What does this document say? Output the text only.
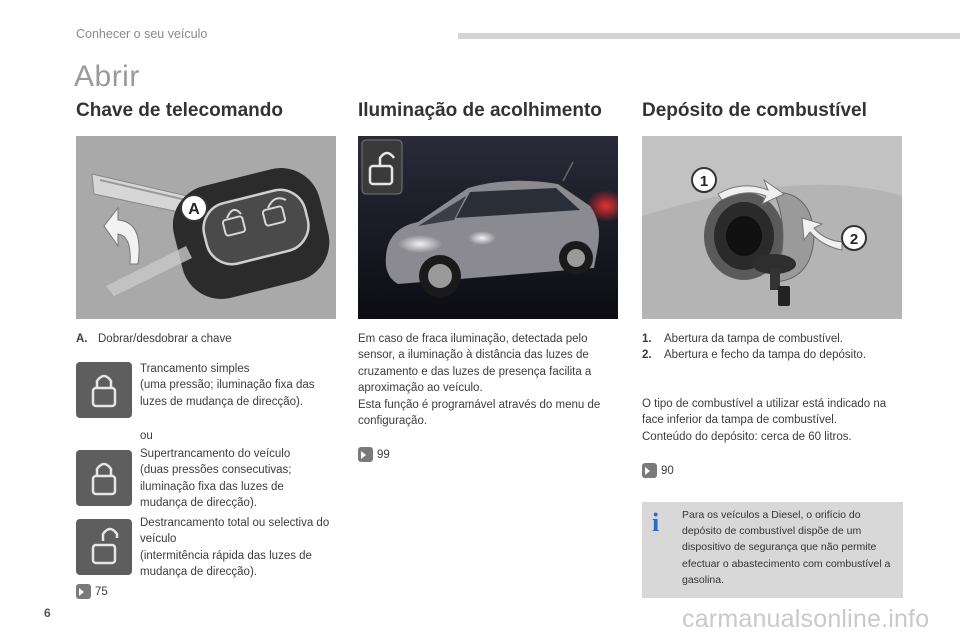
Conhecer o seu veículo
Abrir
Chave de telecomando
A
A. Dobrar/desdobrar a chave
Trancamento simples
(uma pressão; iluminação fixa das luzes de mudança de direcção).
ou
Supertrancamento do veículo
(duas pressões consecutivas; iluminação fixa das luzes de mudança de direcção).
Destrancamento total ou selectiva do veículo
(intermitência rápida das luzes de mudança de direcção).
75
Iluminação de acolhimento
Em caso de fraca iluminação, detectada pelo sensor, a iluminação à distância das luzes de cruzamento e das luzes de presença facilita a aproximação ao veículo.
Esta função é programável através do menu de configuração.
99
Depósito de combustível
1
2
1. Abertura da tampa de combustível.
2. Abertura e fecho da tampa do depósito.
O tipo de combustível a utilizar está indicado na face inferior da tampa de combustível.
Conteúdo do depósito: cerca de 60 litros.
90
i Para os veículos a Diesel, o orifício do depósito de combustível dispõe de um dispositivo de segurança que não permite efectuar o abastecimento com combustível a gasolina.
6	carmanualsonline.info
